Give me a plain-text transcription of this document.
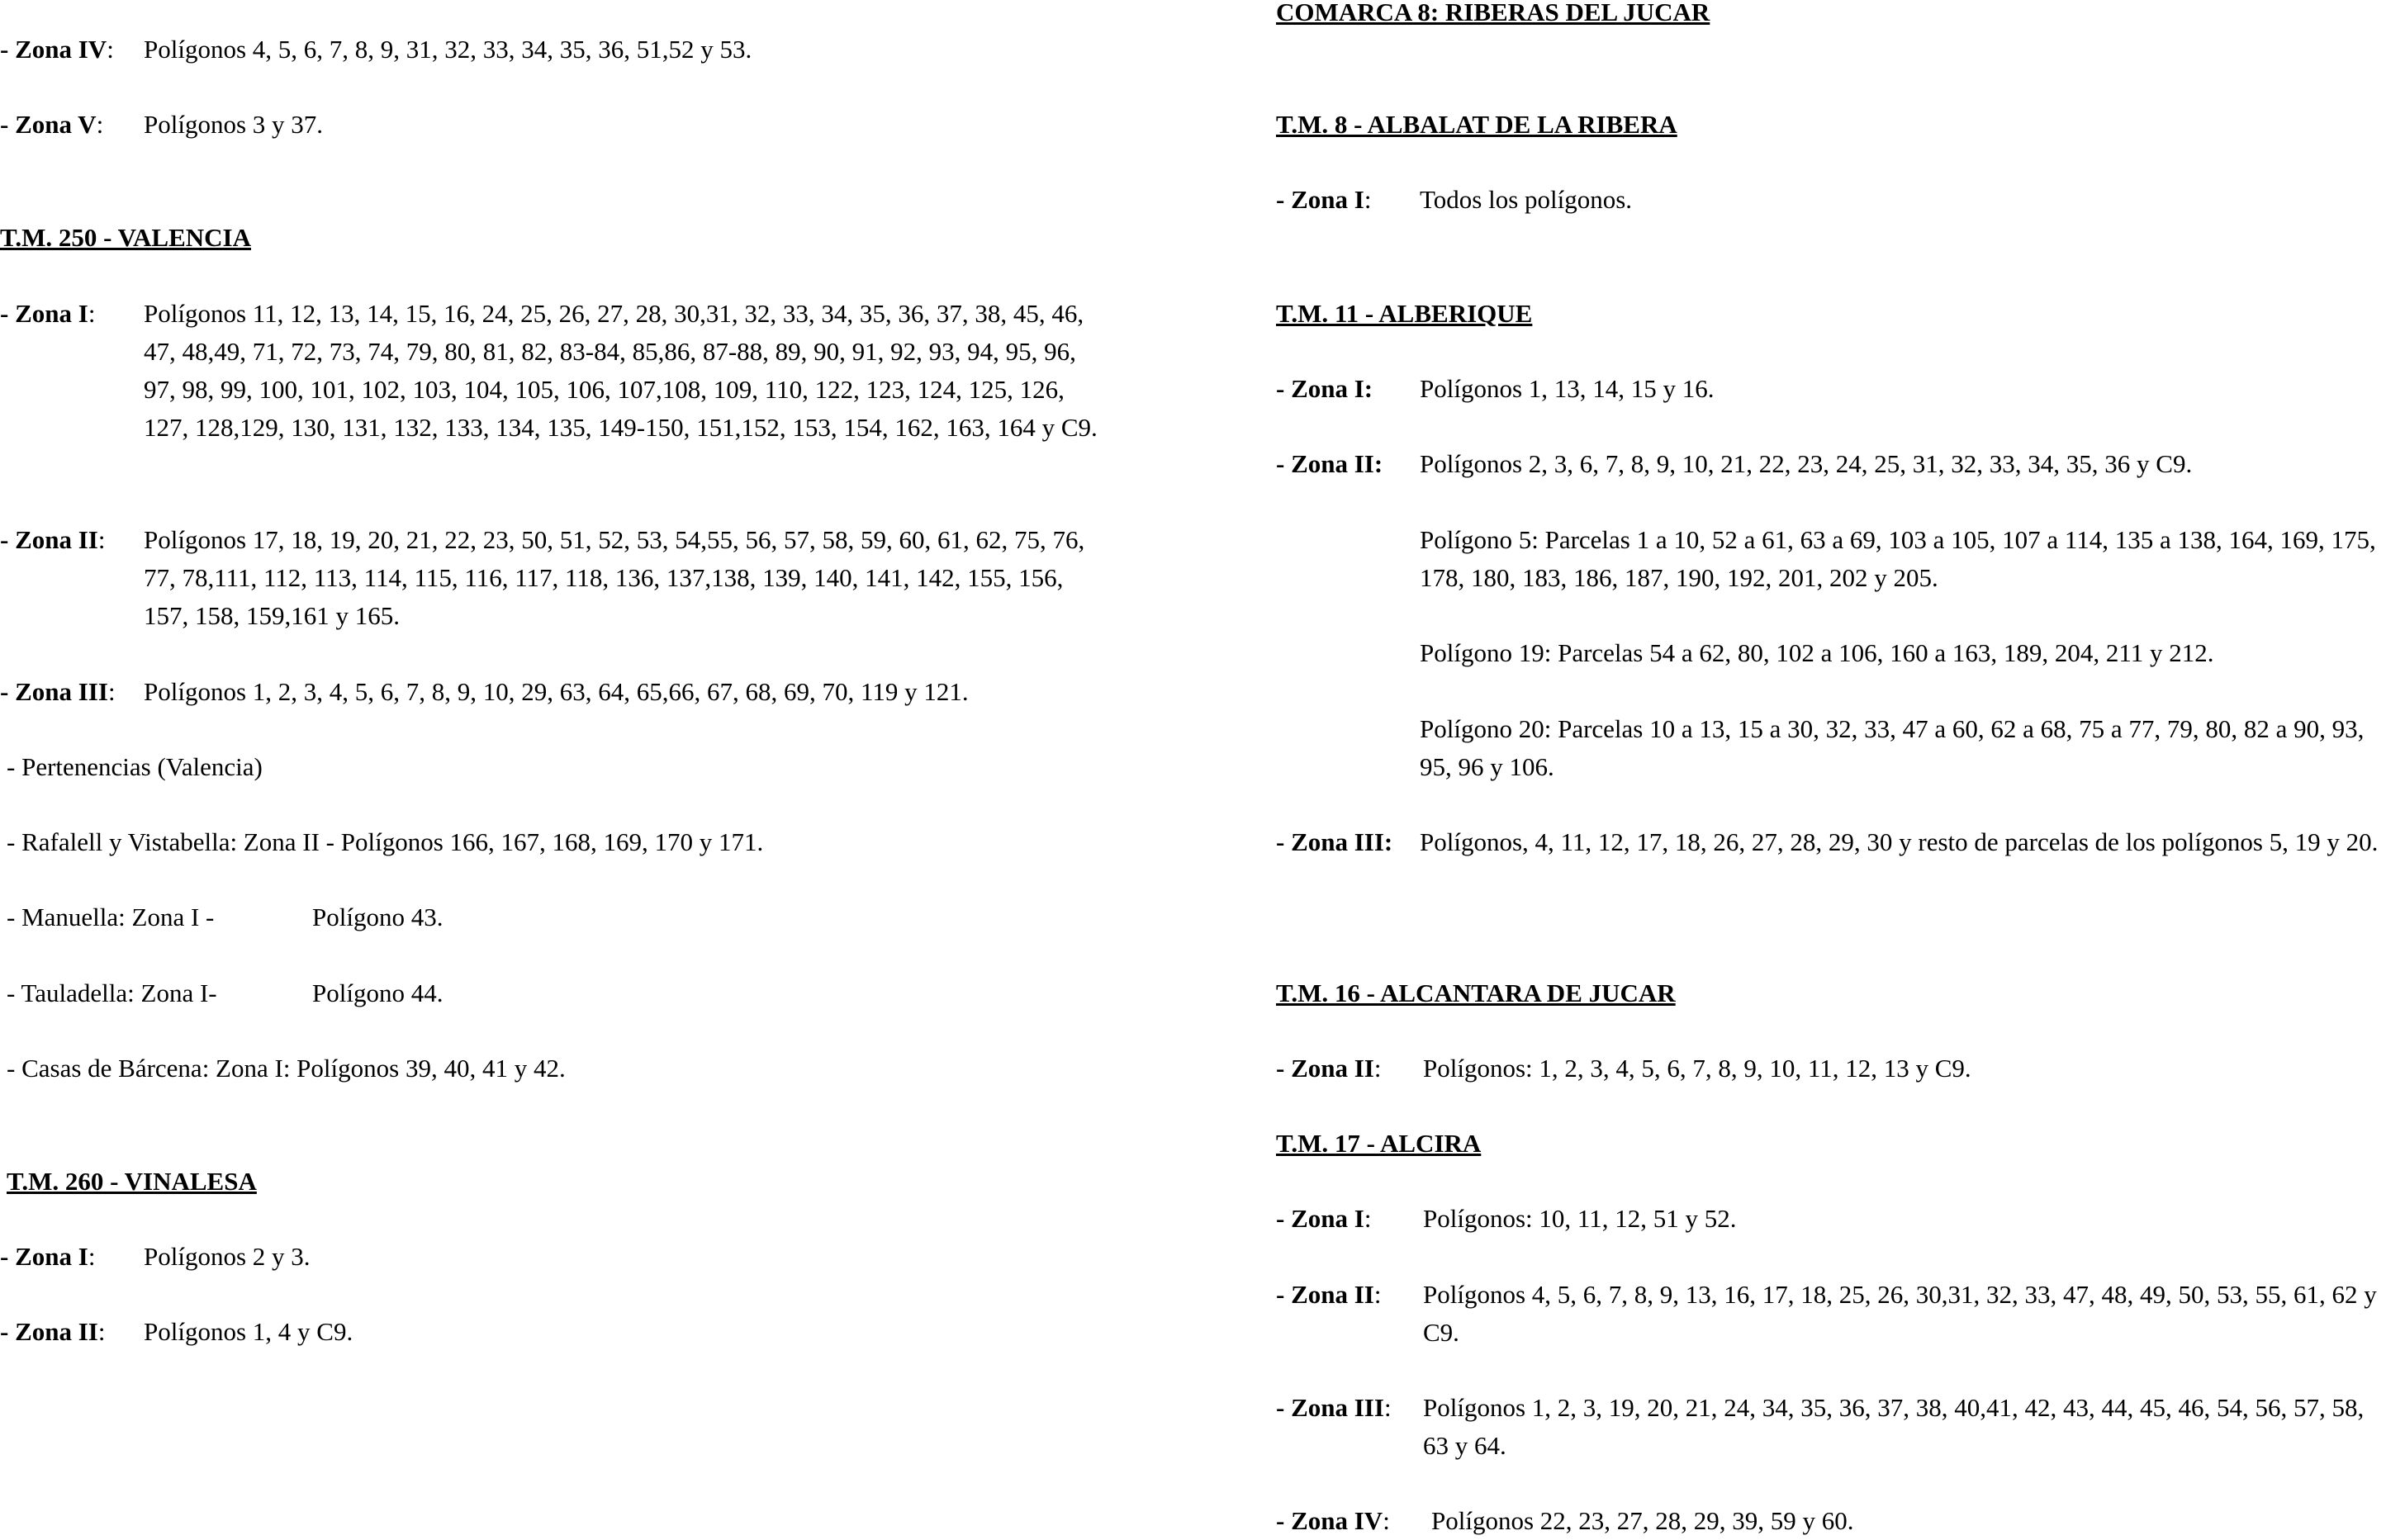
- Zona IV:	Polígonos 4, 5, 6, 7, 8, 9, 31, 32, 33, 34, 35, 36, 51,52 y 53.
- Zona V:	Polígonos 3 y 37.
T.M. 250 - VALENCIA
- Zona I:	Polígonos 11, 12, 13, 14, 15, 16, 24, 25, 26, 27, 28, 30,31, 32, 33, 34, 35, 36, 37, 38, 45, 46, 47, 48,49, 71, 72, 73, 74, 79, 80, 81, 82, 83-84, 85,86, 87-88, 89, 90, 91, 92, 93, 94, 95, 96, 97, 98, 99, 100, 101, 102, 103, 104, 105, 106, 107,108, 109, 110, 122, 123, 124, 125, 126, 127, 128,129, 130, 131, 132, 133, 134, 135, 149-150, 151,152, 153, 154, 162, 163, 164 y C9.
- Zona II:	Polígonos 17, 18, 19, 20, 21, 22, 23, 50, 51, 52, 53, 54,55, 56, 57, 58, 59, 60, 61, 62, 75, 76, 77, 78,111, 112, 113, 114, 115, 116, 117, 118, 136, 137,138, 139, 140, 141, 142, 155, 156, 157, 158, 159,161 y 165.
- Zona III:	Polígonos 1, 2, 3, 4, 5, 6, 7, 8, 9, 10, 29, 63, 64, 65,66, 67, 68, 69, 70, 119 y 121.
- Pertenencias (Valencia)
- Rafalell y Vistabella: Zona II - Polígonos 166, 167, 168, 169, 170 y 171.
- Manuella: Zona I -	Polígono 43.
- Tauladella: Zona I-	Polígono 44.
- Casas de Bárcena: Zona I: Polígonos 39, 40, 41 y 42.
T.M. 260 - VINALESA
- Zona I:	Polígonos 2 y 3.
- Zona II:	Polígonos 1, 4 y C9.
COMARCA 8: RIBERAS DEL JUCAR
T.M. 8 - ALBALAT DE LA RIBERA
- Zona I:	Todos los polígonos.
T.M. 11 - ALBERIQUE
- Zona I:	Polígonos 1, 13, 14, 15 y 16.
- Zona II:	Polígonos 2, 3, 6, 7, 8, 9, 10, 21, 22, 23, 24, 25, 31, 32, 33, 34, 35, 36 y C9.
Polígono 5: Parcelas 1 a 10, 52 a 61, 63 a 69, 103 a 105, 107 a 114, 135 a 138, 164, 169, 175, 178, 180, 183, 186, 187, 190, 192, 201, 202 y 205.
Polígono 19: Parcelas 54 a 62, 80, 102 a 106, 160 a 163, 189, 204, 211 y 212.
Polígono 20: Parcelas 10 a 13, 15 a 30, 32, 33, 47 a 60, 62 a 68, 75 a 77, 79, 80, 82 a 90, 93, 95, 96 y 106.
- Zona III:	Polígonos, 4, 11, 12, 17, 18, 26, 27, 28, 29, 30 y resto de parcelas de los polígonos 5, 19 y 20.
T.M. 16 - ALCANTARA DE JUCAR
- Zona II:	Polígonos: 1, 2, 3, 4, 5, 6, 7, 8, 9, 10, 11, 12, 13 y C9.
T.M. 17 - ALCIRA
- Zona I:	Polígonos: 10, 11, 12, 51 y 52.
- Zona II:	Polígonos 4, 5, 6, 7, 8, 9, 13, 16, 17, 18, 25, 26, 30,31, 32, 33, 47, 48, 49, 50, 53, 55, 61, 62 y C9.
- Zona III:	Polígonos 1, 2, 3, 19, 20, 21, 24, 34, 35, 36, 37, 38, 40,41, 42, 43, 44, 45, 46, 54, 56, 57, 58, 63 y 64.
- Zona IV:	Polígonos 22, 23, 27, 28, 29, 39, 59 y 60.
